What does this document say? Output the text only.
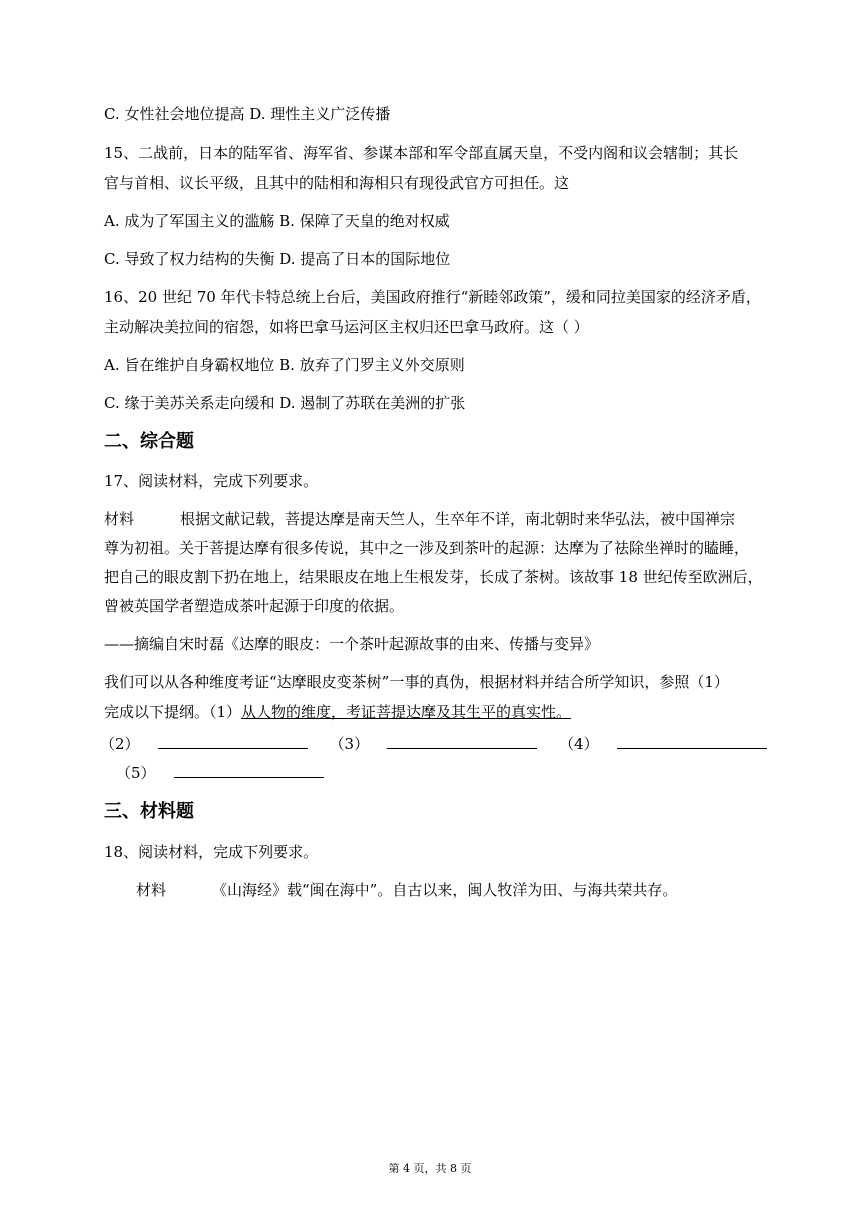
C. 女性社会地位提高 D. 理性主义广泛传播
15、二战前，日本的陆军省、海军省、参谋本部和军令部直属天皇，不受内阁和议会辖制；其长
官与首相、议长平级，且其中的陆相和海相只有现役武官方可担任。这
A. 成为了军国主义的滥觞 B. 保障了天皇的绝对权威
C. 导致了权力结构的失衡 D. 提高了日本的国际地位
16、20 世纪 70 年代卡特总统上台后，美国政府推行“新睦邻政策”，缓和同拉美国家的经济矛盾，
主动解决美拉间的宿怨，如将巴拿马运河区主权归还巴拿马政府。这（ ）
A. 旨在维护自身霸权地位 B. 放弃了门罗主义外交原则
C. 缘于美苏关系走向缓和 D. 遏制了苏联在美洲的扩张
二、综合题
17、阅读材料，完成下列要求。
材料	根据文献记载，菩提达摩是南天竺人，生卒年不详，南北朝时来华弘法，被中国禅宗
尊为初祖。关于菩提达摩有很多传说，其中之一涉及到茶叶的起源：达摩为了祛除坐禅时的瞌睡，
把自己的眼皮割下扔在地上，结果眼皮在地上生根发芽，长成了茶树。该故事 18 世纪传至欧洲后，
曾被英国学者塑造成茶叶起源于印度的依据。
——摘编自宋时磊《达摩的眼皮：一个茶叶起源故事的由来、传播与变异》
我们可以从各种维度考证“达摩眼皮变茶树”一事的真伪，根据材料并结合所学知识，参照（1）
完成以下提纲。（1）从人物的维度，考证菩提达摩及其生平的真实性。
（2）	（3）	（4）
（5）
三、材料题
18、阅读材料，完成下列要求。
材料	《山海经》载“闽在海中”。自古以来，闽人牧洋为田、与海共荣共存。
第 4 页，共 8 页
